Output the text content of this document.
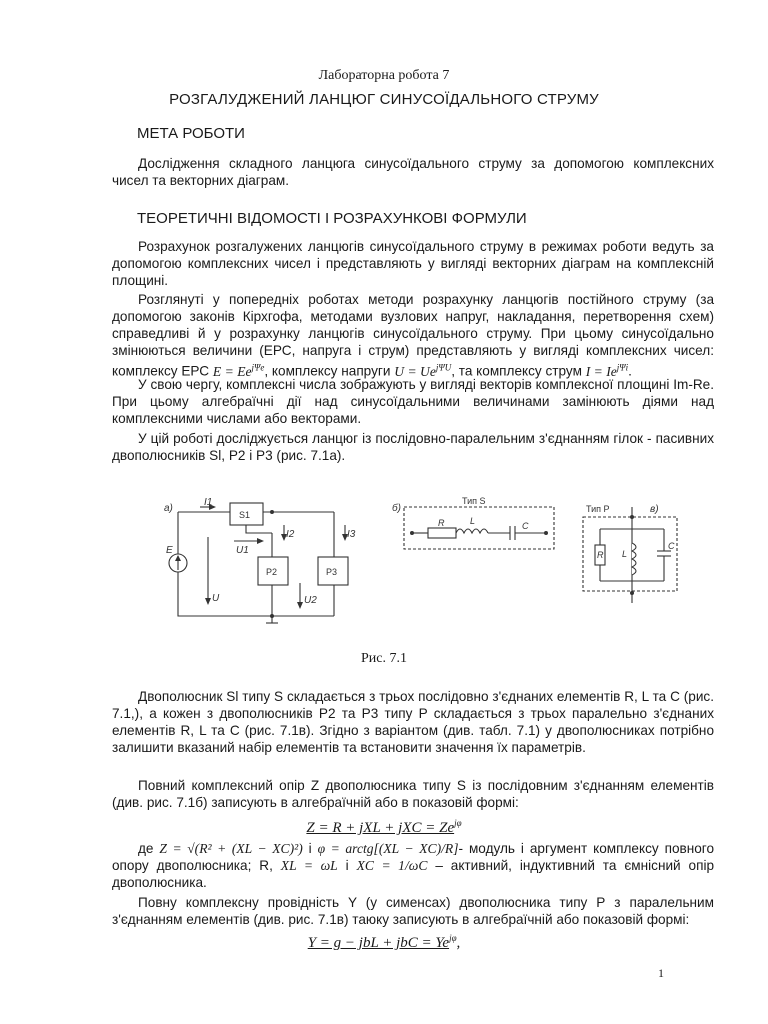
Лабораторна робота 7
РОЗГАЛУДЖЕНИЙ ЛАНЦЮГ СИНУСОЇДАЛЬНОГО СТРУМУ
МЕТА РОБОТИ

Дослідження складного ланцюга синусоїдального струму за допомогою комплексних чисел та векторних діаграм.

ТЕОРЕТИЧНІ ВІДОМОСТІ І РОЗРАХУНКОВІ ФОРМУЛИ

Розрахунок розгалужених ланцюгів синусоїдального струму в режимах роботи ведуть за допомогою комплексних чисел і представляють у вигляді векторних діаграм на комплексній площині.

Розглянуті у попередніх роботах методи розрахунку ланцюгів постійного струму (за допомогою законів Кірхгофа, методами вузлових напруг, накладання, перетворення схем) справедливі й у розрахунку ланцюгів синусоїдального струму. При цьому синусоїдально змінюються величини (ЕРС, напруга і струм) представляють у вигляді комплексних чисел: комплексу ЕРС $E = Ee^{j\Psi e}$, комплексу напруги $U = Ue^{j\Psi U}$, та комплексу струм $I = Ie^{j\Psi i}$.

У свою чергу, комплексні числа зображують у вигляді векторів комплексної площині Im-Re. При цьому алгебраїчні дії над синусоїдальними величинами замінюють діями над комплексними числами або векторами.

У цій роботі досліджується ланцюг із послідовно-паралельним з'єднанням гілок - пасивних двополюсників Sl, Р2 і Р3 (рис. 7.1а).

а)	б)	в)
I1
I2	I3
E
U
U1
U2
S1
P2	P3
Тип S
Тип P
R	L	C
R L
C
Рис. 7.1

Двополюсник Sl типу S складається з трьох послідовно з'єднаних елементів R, L та C (рис. 7.1,), а кожен з двополюсників Р2 та Р3 типу P складається з трьох паралельно з'єднаних елементів R, L та C (рис. 7.1в). Згідно з варіантом (див. табл. 7.1) у двополюсниках потрібно залишити вказаний набір елементів та встановити значення їх параметрів.

Повний комплексний опір Z двополюсника типу S із послідовним з'єднанням елементів (див. рис. 7.1б) записують в алгебраїчній або в показовій формі:

Z = R + jXL + jXC = $Ze^{j\varphi}$

де Z = √(R² + (XL − XC)²) і φ = arctg[(XL − XC)/R]- модуль і аргумент комплексу повного опору двополюсника; R, XL = ωL і XC = 1/ωC – активний, індуктивний та ємнісний опір двополюсника.

Повну комплексну провідність Y (у сименсах) двополюсника типу Р з паралельним з'єднанням елементів (див. рис. 7.1в) таюку записують в алгебраїчній або показовій формі:

Y = g − jbL + jbC = $Ye^{j\varphi}$,
1
